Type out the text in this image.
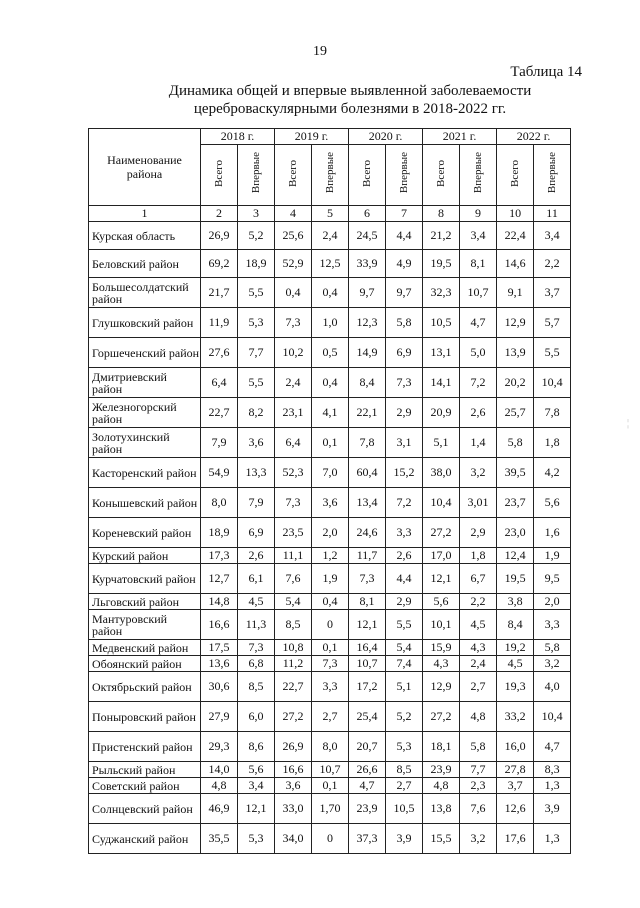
19
Таблица 14
Динамика общей и впервые выявленной заболеваемости
цереброваскулярными болезнями в 2018-2022 гг.
Наименование района	2018 г.		2019 г.		2020 г.		2021 г.		2022 г.	
	Всего	Впервые	Всего	Впервые	Всего	Впервые	Всего	Впервые	Всего	Впервые
1	2	3	4	5	6	7	8	9	10	11
Курская область	26,9	5,2	25,6	2,4	24,5	4,4	21,2	3,4	22,4	3,4
Беловский район	69,2	18,9	52,9	12,5	33,9	4,9	19,5	8,1	14,6	2,2
Большесолдатский район	21,7	5,5	0,4	0,4	9,7	9,7	32,3	10,7	9,1	3,7
Глушковский район	11,9	5,3	7,3	1,0	12,3	5,8	10,5	4,7	12,9	5,7
Горшеченский район	27,6	7,7	10,2	0,5	14,9	6,9	13,1	5,0	13,9	5,5
Дмитриевский район	6,4	5,5	2,4	0,4	8,4	7,3	14,1	7,2	20,2	10,4
Железногорский район	22,7	8,2	23,1	4,1	22,1	2,9	20,9	2,6	25,7	7,8
Золотухинский район	7,9	3,6	6,4	0,1	7,8	3,1	5,1	1,4	5,8	1,8
Касторенский район	54,9	13,3	52,3	7,0	60,4	15,2	38,0	3,2	39,5	4,2
Конышевский район	8,0	7,9	7,3	3,6	13,4	7,2	10,4	3,01	23,7	5,6
Кореневский район	18,9	6,9	23,5	2,0	24,6	3,3	27,2	2,9	23,0	1,6
Курский район	17,3	2,6	11,1	1,2	11,7	2,6	17,0	1,8	12,4	1,9
Курчатовский район	12,7	6,1	7,6	1,9	7,3	4,4	12,1	6,7	19,5	9,5
Льговский район	14,8	4,5	5,4	0,4	8,1	2,9	5,6	2,2	3,8	2,0
Мантуровский район	16,6	11,3	8,5	0	12,1	5,5	10,1	4,5	8,4	3,3
Медвенский район	17,5	7,3	10,8	0,1	16,4	5,4	15,9	4,3	19,2	5,8
Обоянский район	13,6	6,8	11,2	7,3	10,7	7,4	4,3	2,4	4,5	3,2
Октябрьский район	30,6	8,5	22,7	3,3	17,2	5,1	12,9	2,7	19,3	4,0
Поныровский район	27,9	6,0	27,2	2,7	25,4	5,2	27,2	4,8	33,2	10,4
Пристенский район	29,3	8,6	26,9	8,0	20,7	5,3	18,1	5,8	16,0	4,7
Рыльский район	14,0	5,6	16,6	10,7	26,6	8,5	23,9	7,7	27,8	8,3
Советский район	4,8	3,4	3,6	0,1	4,7	2,7	4,8	2,3	3,7	1,3
Солнцевский район	46,9	12,1	33,0	1,70	23,9	10,5	13,8	7,6	12,6	3,9
Суджанский район	35,5	5,3	34,0	0	37,3	3,9	15,5	3,2	17,6	1,3
¦
